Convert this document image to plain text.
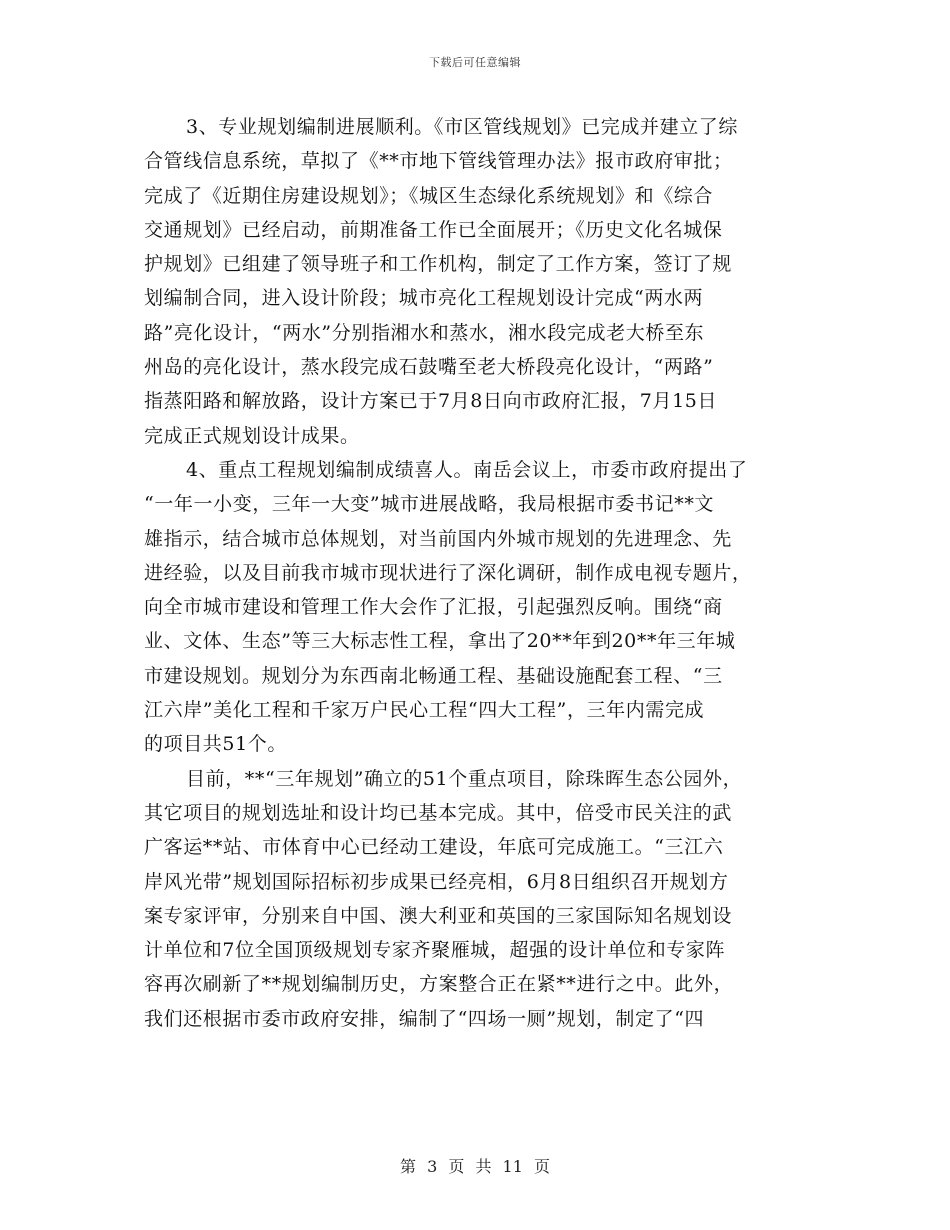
下载后可任意编辑
3、专业规划编制进展顺利。《市区管线规划》已完成并建立了综
合管线信息系统，草拟了《**市地下管线管理办法》报市政府审批；
完成了《近期住房建设规划》；《城区生态绿化系统规划》和《综合
交通规划》已经启动，前期准备工作已全面展开；《历史文化名城保
护规划》已组建了领导班子和工作机构，制定了工作方案，签订了规
划编制合同，进入设计阶段；城市亮化工程规划设计完成“两水两
路”亮化设计，“两水”分别指湘水和蒸水，湘水段完成老大桥至东
州岛的亮化设计，蒸水段完成石鼓嘴至老大桥段亮化设计，“两路”
指蒸阳路和解放路，设计方案已于7月8日向市政府汇报，7月15日
完成正式规划设计成果。
4、重点工程规划编制成绩喜人。南岳会议上，市委市政府提出了
“一年一小变，三年一大变”城市进展战略，我局根据市委书记**文
雄指示，结合城市总体规划，对当前国内外城市规划的先进理念、先
进经验，以及目前我市城市现状进行了深化调研，制作成电视专题片，
向全市城市建设和管理工作大会作了汇报，引起强烈反响。围绕“商
业、文体、生态”等三大标志性工程，拿出了20**年到20**年三年城
市建设规划。规划分为东西南北畅通工程、基础设施配套工程、“三
江六岸”美化工程和千家万户民心工程“四大工程”，三年内需完成
的项目共51个。
目前，**“三年规划”确立的51个重点项目，除珠晖生态公园外，
其它项目的规划选址和设计均已基本完成。其中，倍受市民关注的武
广客运**站、市体育中心已经动工建设，年底可完成施工。“三江六
岸风光带”规划国际招标初步成果已经亮相，6月8日组织召开规划方
案专家评审，分别来自中国、澳大利亚和英国的三家国际知名规划设
计单位和7位全国顶级规划专家齐聚雁城，超强的设计单位和专家阵
容再次刷新了**规划编制历史，方案整合正在紧**进行之中。此外，
我们还根据市委市政府安排，编制了“四场一厕”规划，制定了“四
第 3 页 共 11 页
